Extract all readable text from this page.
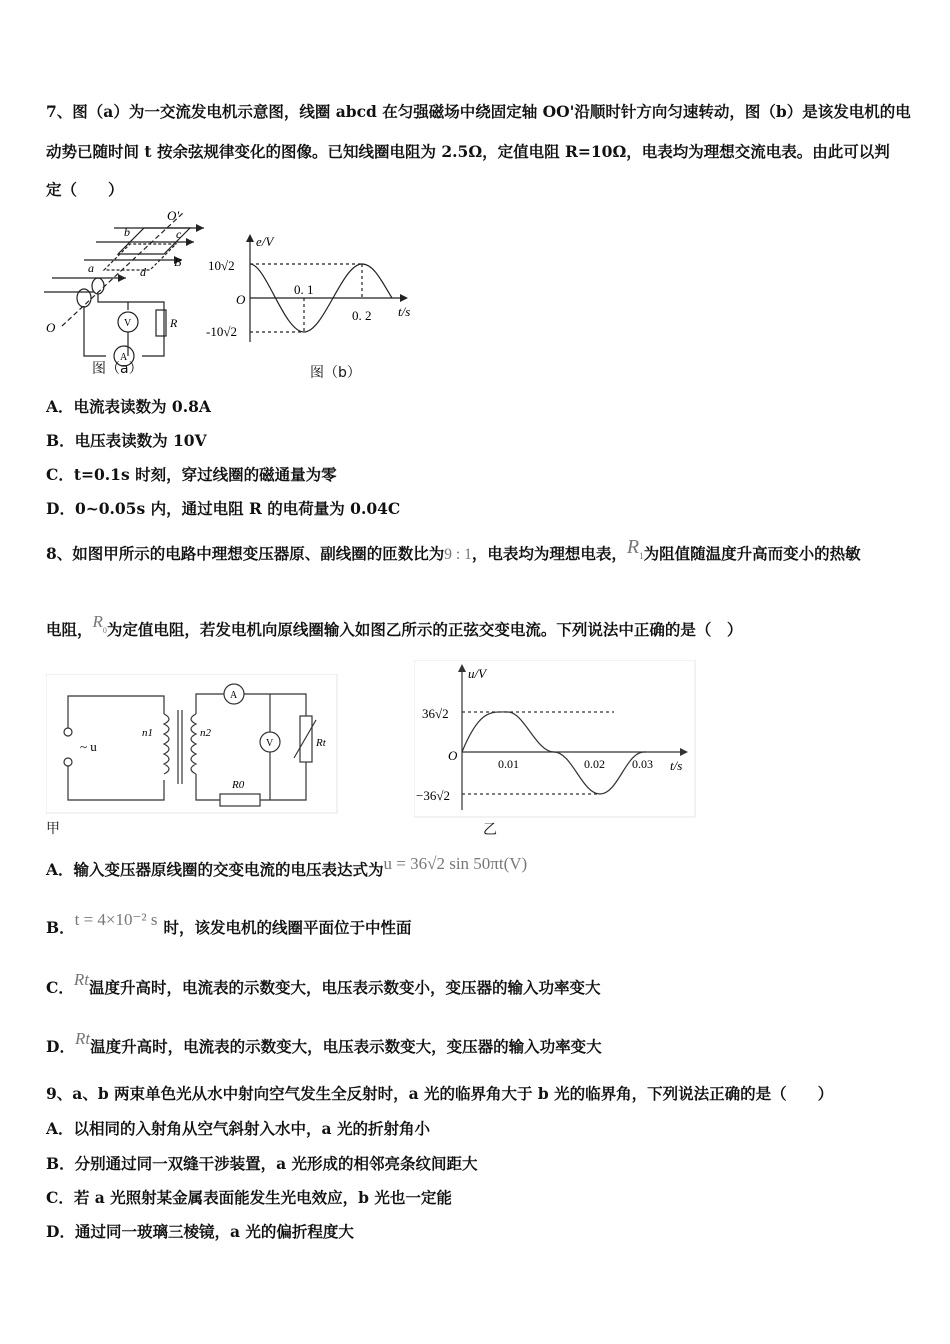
7、图（a）为一交流发电机示意图，线圈 abcd 在匀强磁场中绕固定轴 OO'沿顺时针方向匀速转动，图（b）是该发电机的电
动势已随时间 t 按余弦规律变化的图像。已知线圈电阻为 2.5Ω，定值电阻 R=10Ω，电表均为理想交流电表。由此可以判
定（　　）
O'
O
b	c
a	d
B
R
V
A
图（a）
e/V
t/s
10√2
-10√2
O
0. 1
0. 2
图（b）
A．电流表读数为 0.8A
B．电压表读数为 10V
C．t=0.1s 时刻，穿过线圈的磁通量为零
D．0~0.05s 内，通过电阻 R 的电荷量为 0.04C
8、如图甲所示的电路中理想变压器原、副线圈的匝数比为9 : 1，电表均为理想电表，$R_1$为阻值随温度升高而变小的热敏
电阻，$R_0$为定值电阻，若发电机向原线圈输入如图乙所示的正弦交变电流。下列说法中正确的是（　）
~ u
n1	n2
A
V	Rt
R0
甲
u/V
t/s
36√2
−36√2
O
0.01	0.02 0.03
乙
A．输入变压器原线圈的交变电流的电压表达式为u = 36√2 sin 50πt(V)
B．t = 4×10⁻² s 时，该发电机的线圈平面位于中性面
C．Rt温度升高时，电流表的示数变大，电压表示数变小，变压器的输入功率变大
D．Rt温度升高时，电流表的示数变大，电压表示数变大，变压器的输入功率变大
9、a、b 两束单色光从水中射向空气发生全反射时，a 光的临界角大于 b 光的临界角，下列说法正确的是（　　）
A．以相同的入射角从空气斜射入水中，a 光的折射角小
B．分别通过同一双缝干涉装置，a 光形成的相邻亮条纹间距大
C．若 a 光照射某金属表面能发生光电效应，b 光也一定能
D．通过同一玻璃三棱镜，a 光的偏折程度大
